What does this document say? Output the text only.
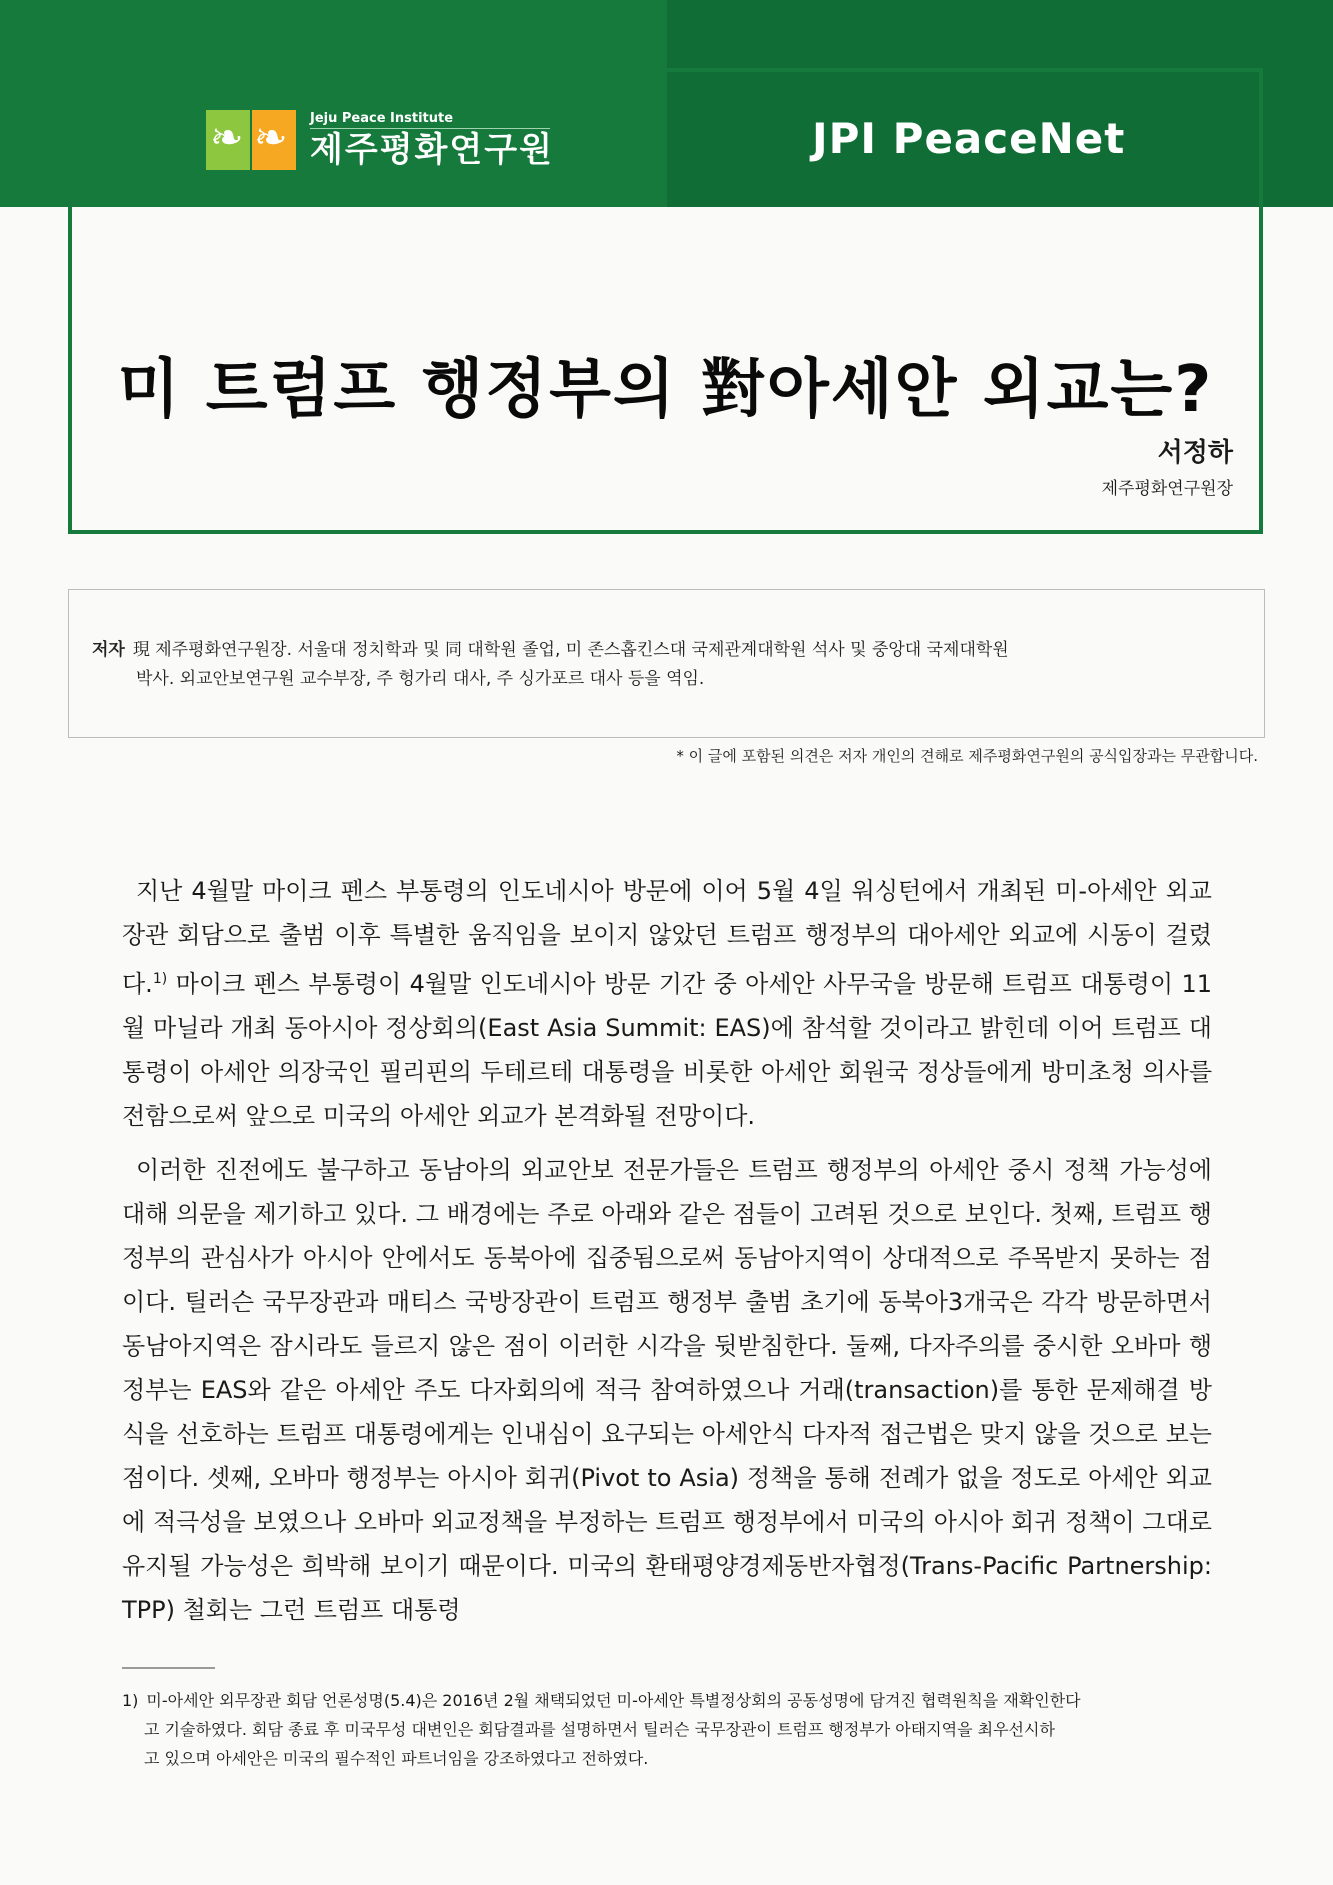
❧ ❧ Jeju Peace Institute
제주평화연구원	JPI PeaceNet
미 트럼프 행정부의 對아세안 외교는?
서정하
제주평화연구원장
저자 現 제주평화연구원장. 서울대 정치학과 및 同 대학원 졸업, 미 존스홉킨스대 국제관계대학원 석사 및 중앙대 국제대학원
박사. 외교안보연구원 교수부장, 주 헝가리 대사, 주 싱가포르 대사 등을 역임.
* 이 글에 포함된 의견은 저자 개인의 견해로 제주평화연구원의 공식입장과는 무관합니다.

지난 4월말 마이크 펜스 부통령의 인도네시아 방문에 이어 5월 4일 워싱턴에서 개최된 미-아세안 외교장관 회담으로 출범 이후 특별한 움직임을 보이지 않았던 트럼프 행정부의 대아세안 외교에 시동이 걸렸다.$^{1)}$ 마이크 펜스 부통령이 4월말 인도네시아 방문 기간 중 아세안 사무국을 방문해 트럼프 대통령이 11월 마닐라 개최 동아시아 정상회의(East Asia Summit: EAS)에 참석할 것이라고 밝힌데 이어 트럼프 대통령이 아세안 의장국인 필리핀의 두테르테 대통령을 비롯한 아세안 회원국 정상들에게 방미초청 의사를 전함으로써 앞으로 미국의 아세안 외교가 본격화될 전망이다.

이러한 진전에도 불구하고 동남아의 외교안보 전문가들은 트럼프 행정부의 아세안 중시 정책 가능성에 대해 의문을 제기하고 있다. 그 배경에는 주로 아래와 같은 점들이 고려된 것으로 보인다. 첫째, 트럼프 행정부의 관심사가 아시아 안에서도 동북아에 집중됨으로써 동남아지역이 상대적으로 주목받지 못하는 점이다. 틸러슨 국무장관과 매티스 국방장관이 트럼프 행정부 출범 초기에 동북아3개국은 각각 방문하면서 동남아지역은 잠시라도 들르지 않은 점이 이러한 시각을 뒷받침한다. 둘째, 다자주의를 중시한 오바마 행정부는 EAS와 같은 아세안 주도 다자회의에 적극 참여하였으나 거래(transaction)를 통한 문제해결 방식을 선호하는 트럼프 대통령에게는 인내심이 요구되는 아세안식 다자적 접근법은 맞지 않을 것으로 보는 점이다. 셋째, 오바마 행정부는 아시아 회귀(Pivot to Asia) 정책을 통해 전례가 없을 정도로 아세안 외교에 적극성을 보였으나 오바마 외교정책을 부정하는 트럼프 행정부에서 미국의 아시아 회귀 정책이 그대로 유지될 가능성은 희박해 보이기 때문이다. 미국의 환태평양경제동반자협정(Trans-Pacific Partnership: TPP) 철회는 그런 트럼프 대통령

1) 미-아세안 외무장관 회담 언론성명(5.4)은 2016년 2월 채택되었던 미-아세안 특별정상회의 공동성명에 담겨진 협력원칙을 재확인한다
고 기술하였다. 회담 종료 후 미국무성 대변인은 회담결과를 설명하면서 틸러슨 국무장관이 트럼프 행정부가 아태지역을 최우선시하
고 있으며 아세안은 미국의 필수적인 파트너임을 강조하였다고 전하였다.
